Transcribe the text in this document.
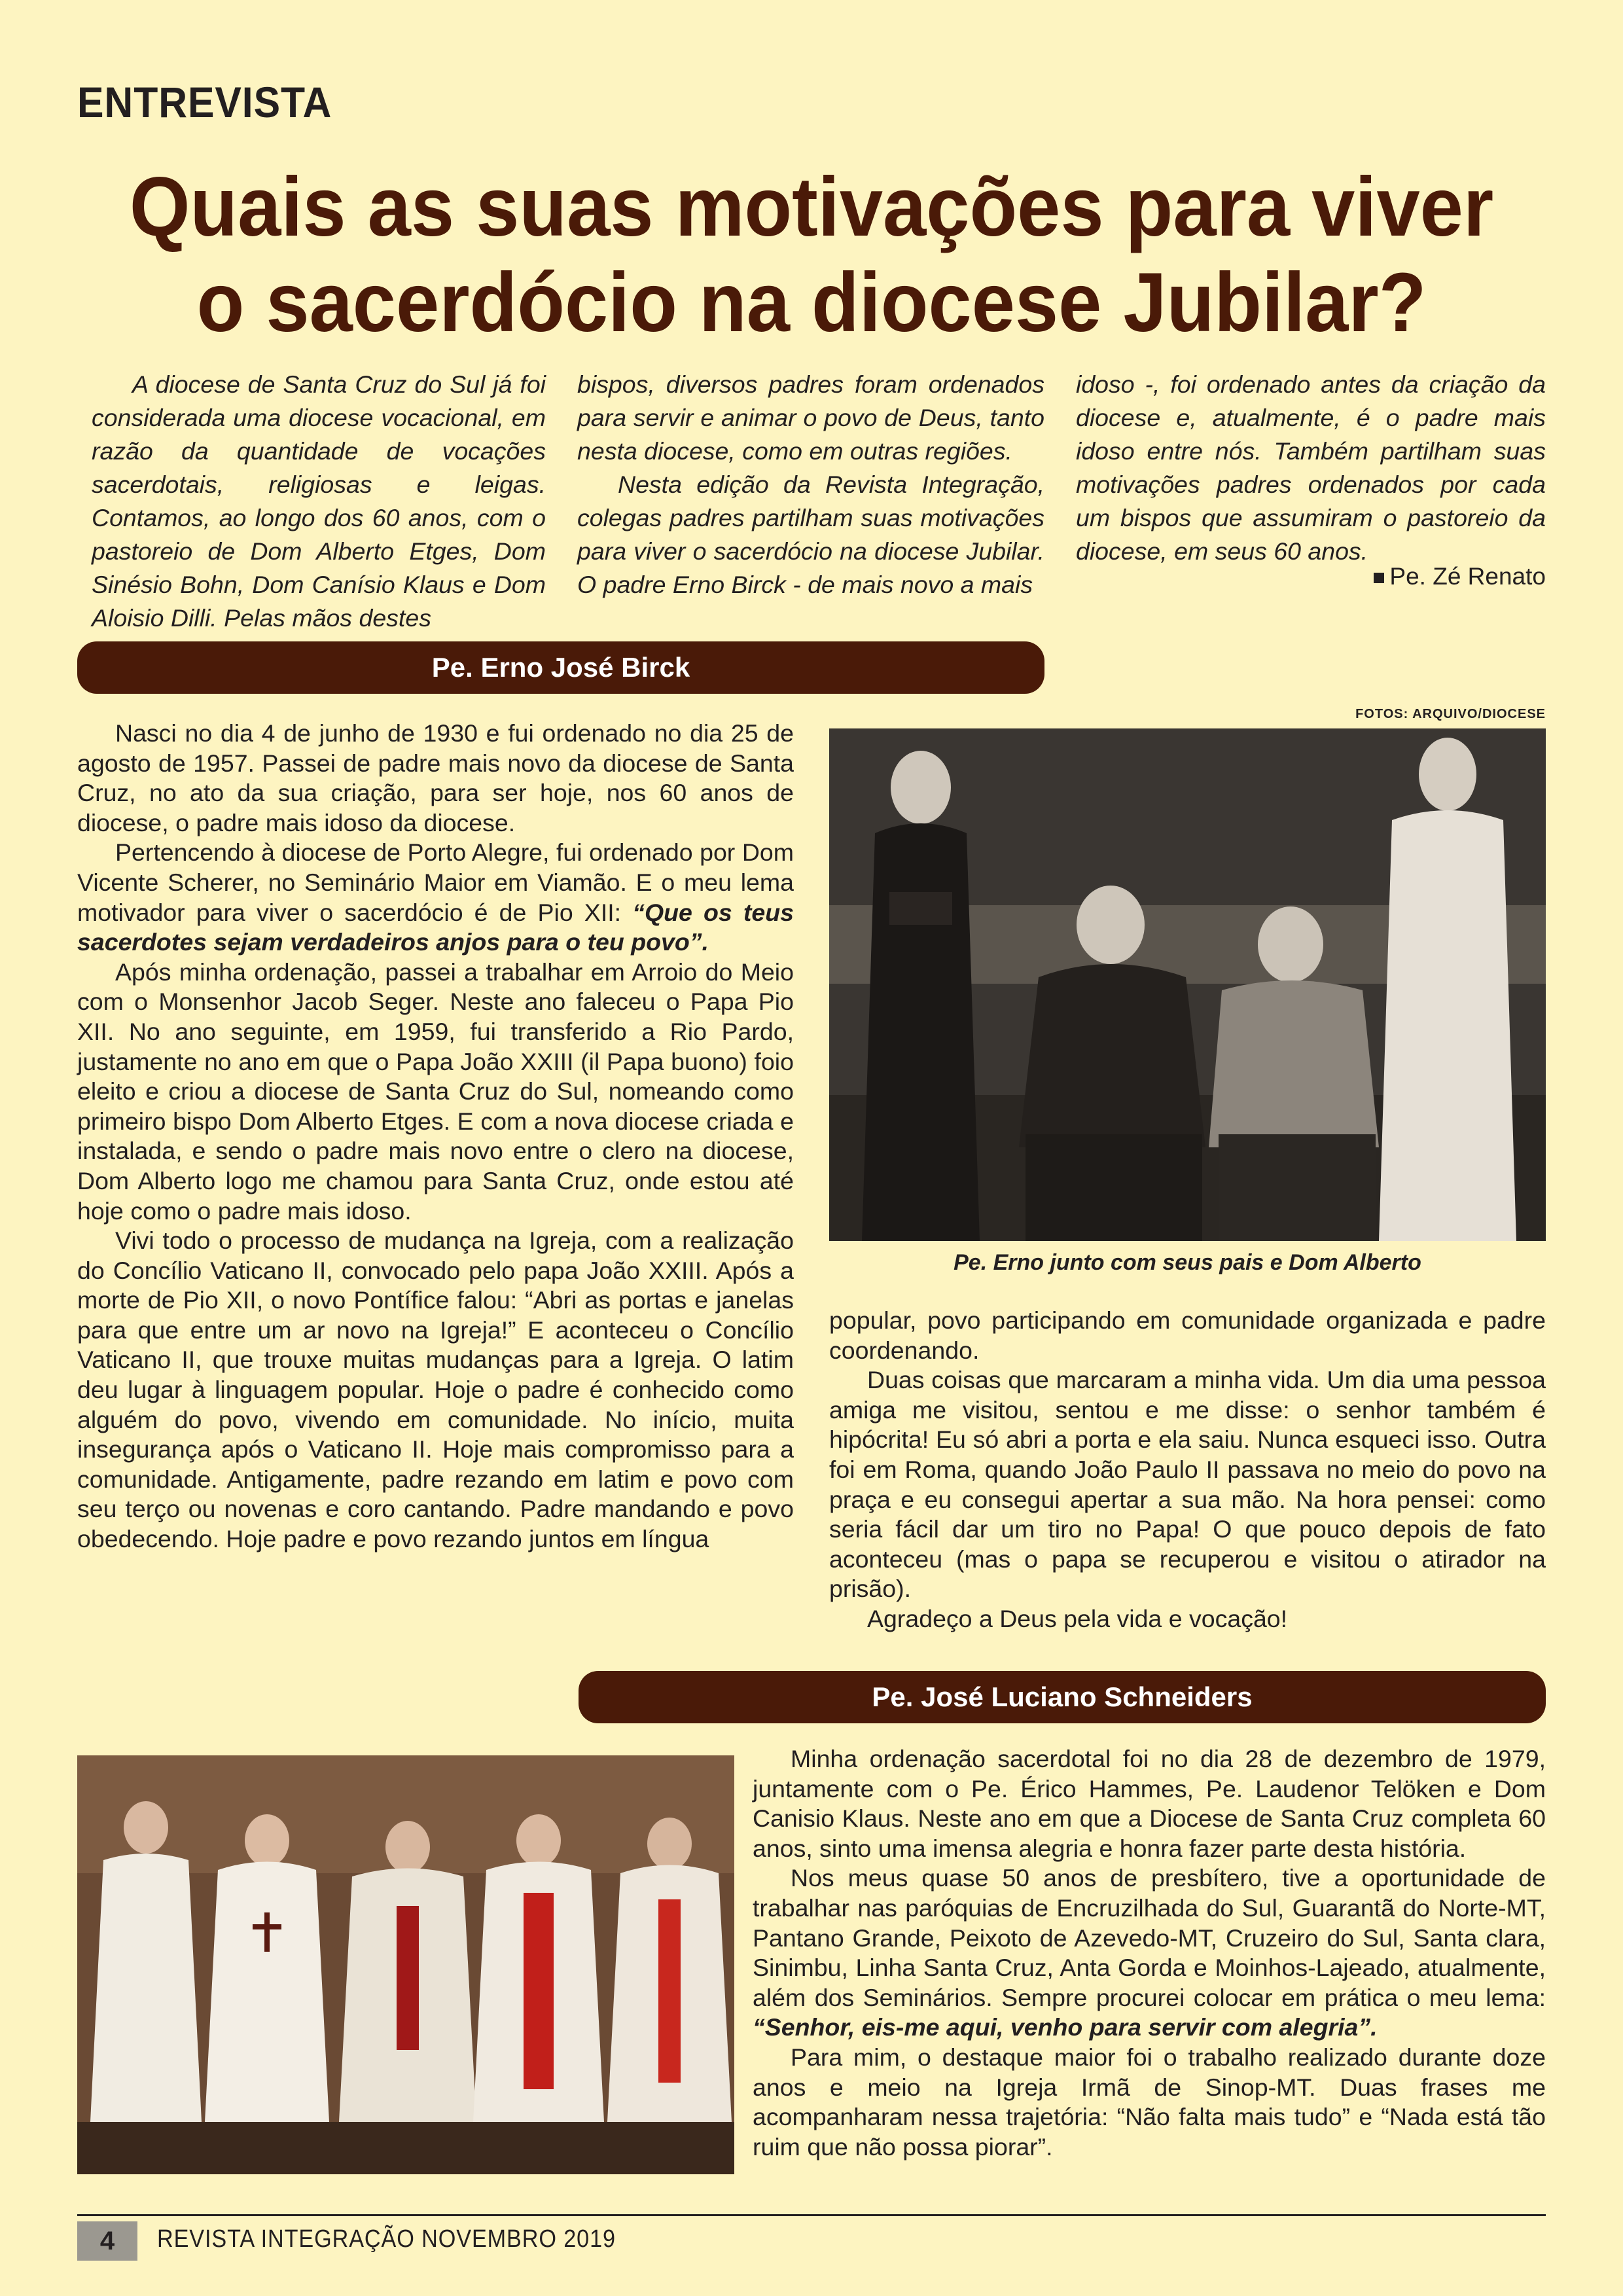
ENTREVISTA
Quais as suas motivações para viver
o sacerdócio na diocese Jubilar?

A diocese de Santa Cruz do Sul já foi considerada uma diocese vocacional, em razão da quantidade de vocações sacerdotais, religiosas e leigas. Contamos, ao longo dos 60 anos, com o pastoreio de Dom Alberto Etges, Dom Sinésio Bohn, Dom Canísio Klaus e Dom Aloisio Dilli. Pelas mãos destes

bispos, diversos padres foram ordenados para servir e animar o povo de Deus, tanto nesta diocese, como em outras regiões.

Nesta edição da Revista Integração, colegas padres partilham suas motivações para viver o sacerdócio na diocese Jubilar. O padre Erno Birck - de mais novo a mais

idoso -, foi ordenado antes da criação da diocese e, atualmente, é o padre mais idoso entre nós. Também partilham suas motivações padres ordenados por cada um bispos que assumiram o pastoreio da diocese, em seus 60 anos.

Pe. Zé Renato
Pe. Erno José Birck

Nasci no dia 4 de junho de 1930 e fui ordenado no dia 25 de agosto de 1957. Passei de padre mais novo da diocese de Santa Cruz, no ato da sua criação, para ser hoje, nos 60 anos de diocese, o padre mais idoso da diocese.

Pertencendo à diocese de Porto Alegre, fui ordenado por Dom Vicente Scherer, no Seminário Maior em Viamão. E o meu lema motivador para viver o sacerdócio é de Pio XII: “Que os teus sacerdotes sejam verdadeiros anjos para o teu povo”.

Após minha ordenação, passei a trabalhar em Arroio do Meio com o Monsenhor Jacob Seger. Neste ano faleceu o Papa Pio XII. No ano seguinte, em 1959, fui transferido a Rio Pardo, justamente no ano em que o Papa João XXIII (il Papa buono) foio eleito e criou a diocese de Santa Cruz do Sul, nomeando como primeiro bispo Dom Alberto Etges. E com a nova diocese criada e instalada, e sendo o padre mais novo entre o clero na diocese, Dom Alberto logo me chamou para Santa Cruz, onde estou até hoje como o padre mais idoso.

Vivi todo o processo de mudança na Igreja, com a realização do Concílio Vaticano II, convocado pelo papa João XXIII. Após a morte de Pio XII, o novo Pontífice falou: “Abri as portas e janelas para que entre um ar novo na Igreja!” E aconteceu o Concílio Vaticano II, que trouxe muitas mudanças para a Igreja. O latim deu lugar à linguagem popular. Hoje o padre é conhecido como alguém do povo, vivendo em comunidade. No início, muita insegurança após o Vaticano II. Hoje mais compromisso para a comunidade. Antigamente, padre rezando em latim e povo com seu terço ou novenas e coro cantando. Padre mandando e povo obedecendo. Hoje padre e povo rezando juntos em língua

FOTOS: ARQUIVO/DIOCESE
Pe. Erno junto com seus pais e Dom Alberto

popular, povo participando em comunidade organizada e padre coordenando.

Duas coisas que marcaram a minha vida. Um dia uma pessoa amiga me visitou, sentou e me disse: o senhor também é hipócrita! Eu só abri a porta e ela saiu. Nunca esqueci isso. Outra foi em Roma, quando João Paulo II passava no meio do povo na praça e eu consegui apertar a sua mão. Na hora pensei: como seria fácil dar um tiro no Papa! O que pouco depois de fato aconteceu (mas o papa se recuperou e visitou o atirador na prisão).

Agradeço a Deus pela vida e vocação!

Pe. José Luciano Schneiders

Minha ordenação sacerdotal foi no dia 28 de dezembro de 1979, juntamente com o Pe. Érico Hammes, Pe. Laudenor Telöken e Dom Canisio Klaus. Neste ano em que a Diocese de Santa Cruz completa 60 anos, sinto uma imensa alegria e honra fazer parte desta história.

Nos meus quase 50 anos de presbítero, tive a oportunidade de trabalhar nas paróquias de Encruzilhada do Sul, Guarantã do Norte-MT, Pantano Grande, Peixoto de Azevedo-MT, Cruzeiro do Sul, Santa clara, Sinimbu, Linha Santa Cruz, Anta Gorda e Moinhos-Lajeado, atualmente, além dos Seminários. Sempre procurei colocar em prática o meu lema: “Senhor, eis-me aqui, venho para servir com alegria”.

Para mim, o destaque maior foi o trabalho realizado durante doze anos e meio na Igreja Irmã de Sinop-MT. Duas frases me acompanharam nessa trajetória: “Não falta mais tudo” e “Nada está tão ruim que não possa piorar”.

4	REVISTA INTEGRAÇÃO NOVEMBRO 2019
